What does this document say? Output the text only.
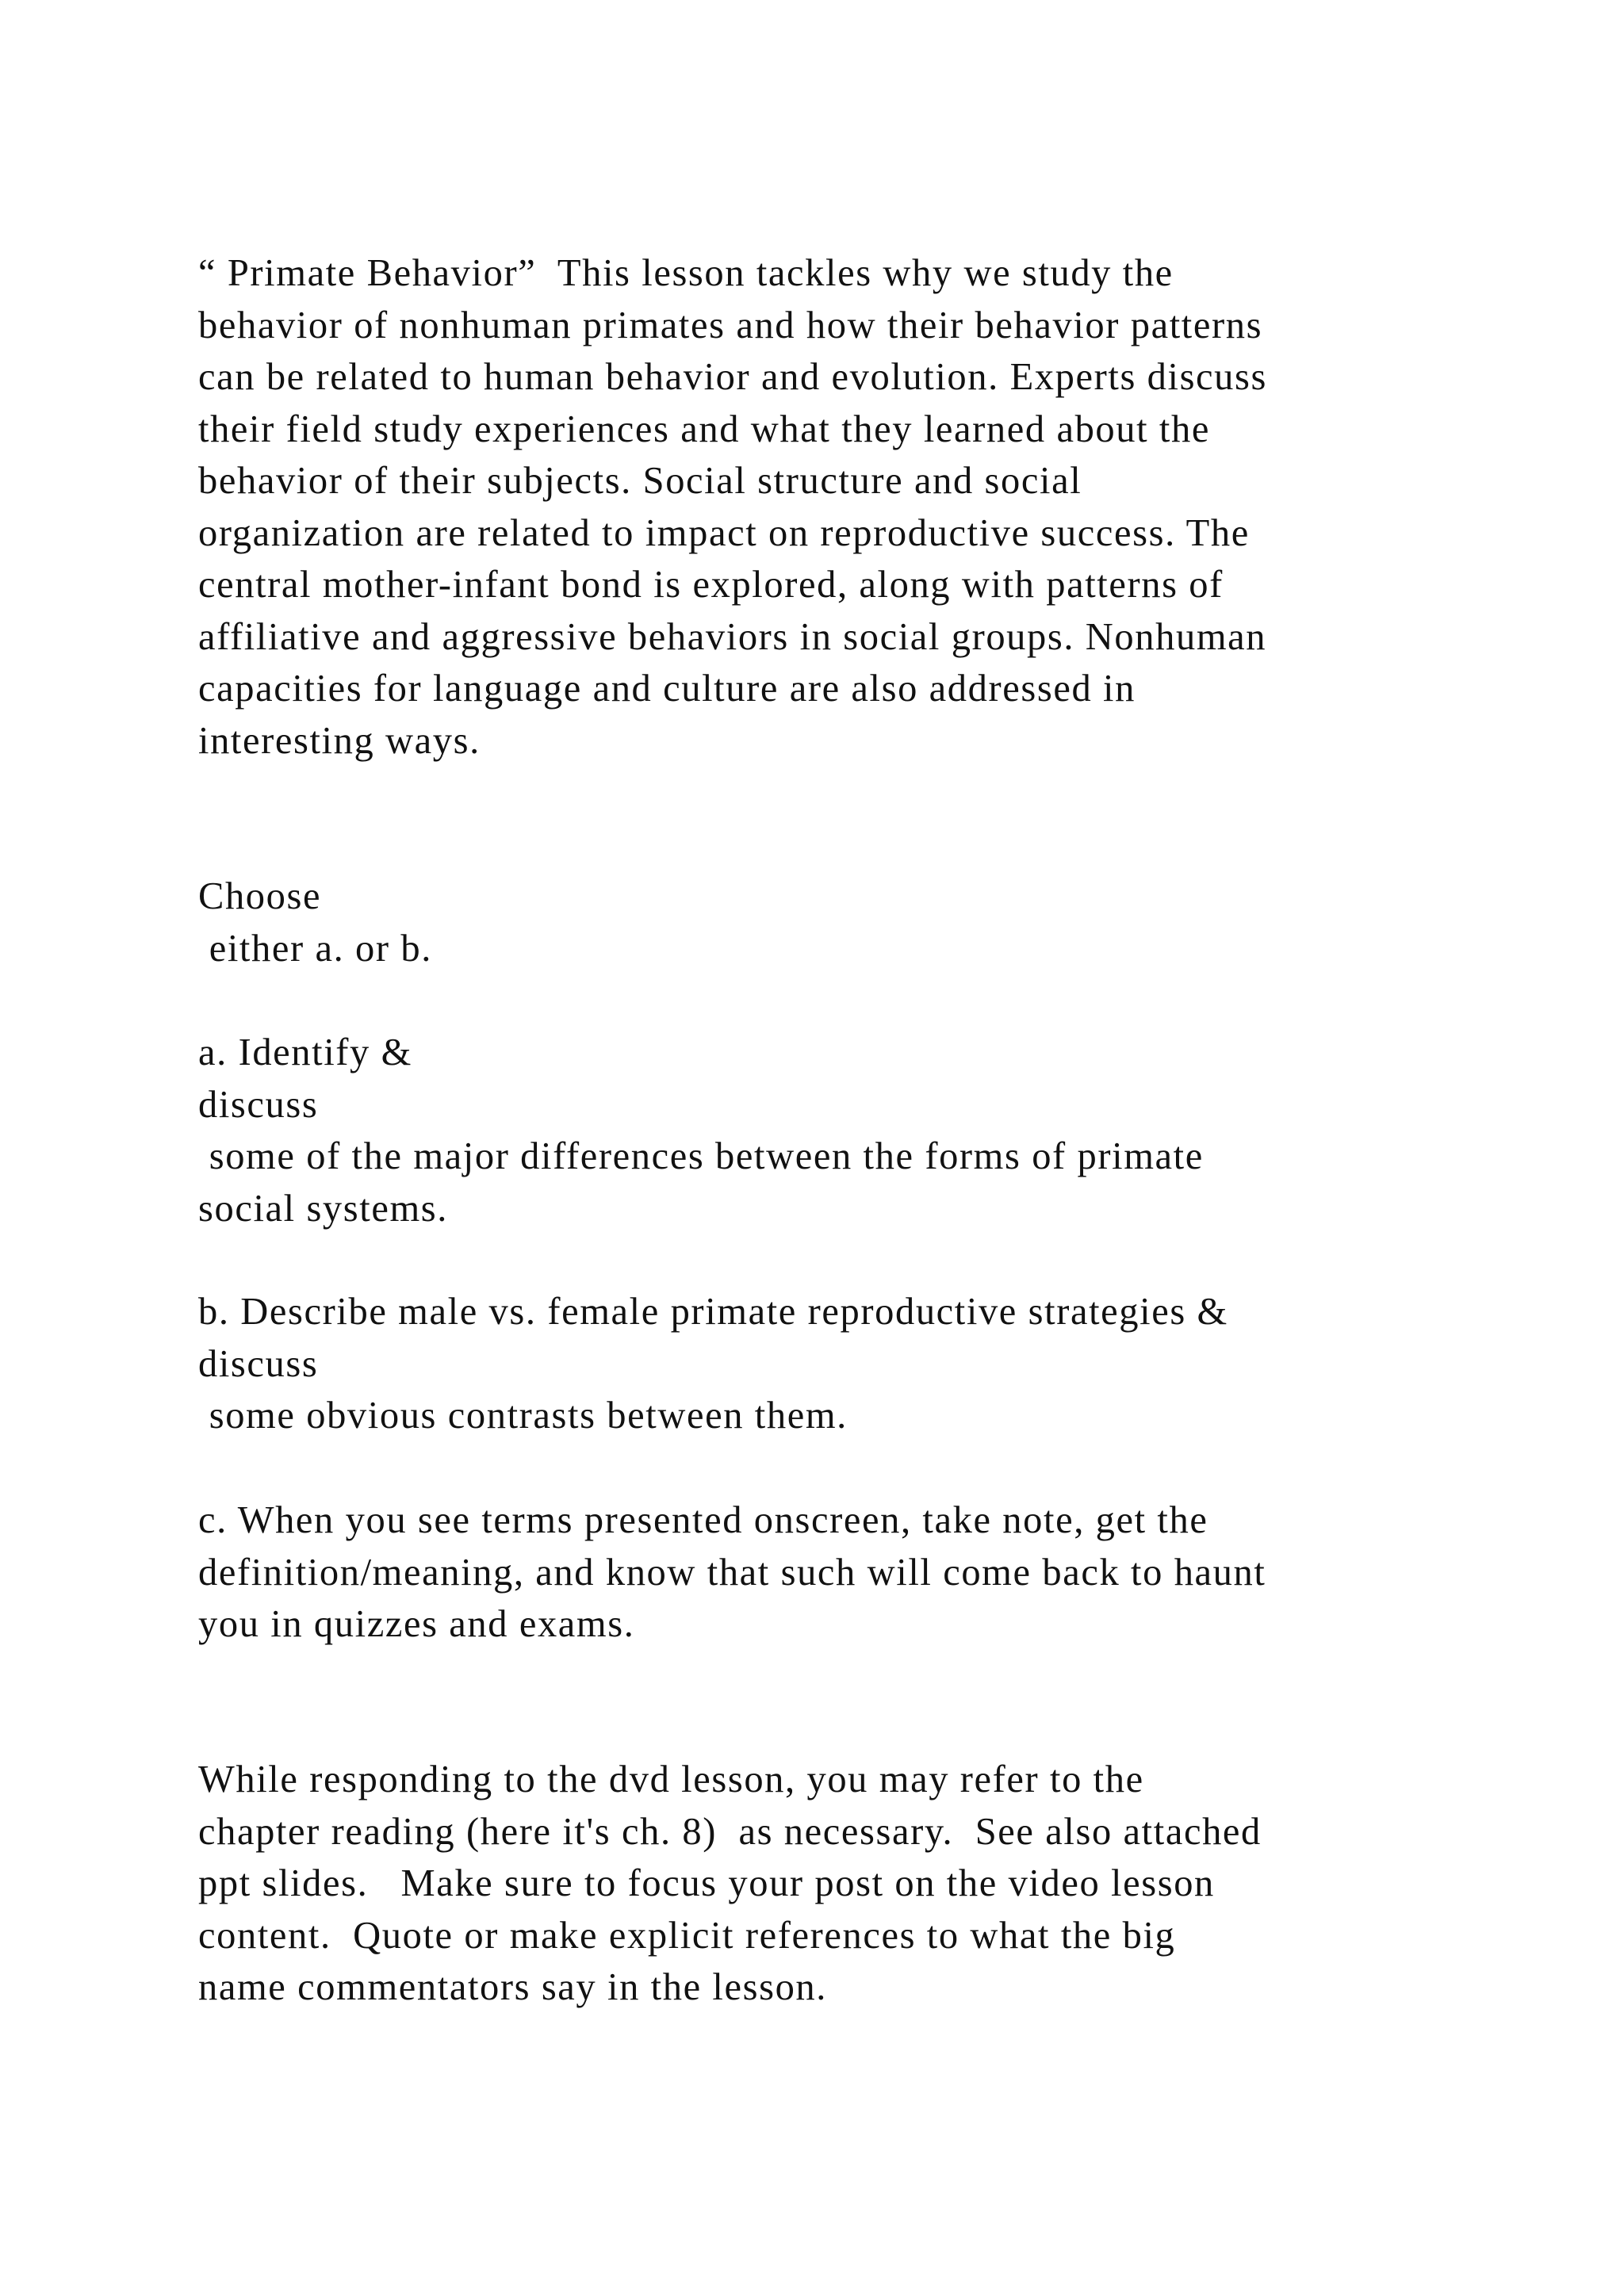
“ Primate Behavior”  This lesson tackles why we study the
behavior of nonhuman primates and how their behavior patterns
can be related to human behavior and evolution. Experts discuss
their field study experiences and what they learned about the
behavior of their subjects. Social structure and social
organization are related to impact on reproductive success. The
central mother-infant bond is explored, along with patterns of
affiliative and aggressive behaviors in social groups. Nonhuman
capacities for language and culture are also addressed in
interesting ways.
Choose
either a. or b.
a. Identify &
discuss
some of the major differences between the forms of primate
social systems.
b. Describe male vs. female primate reproductive strategies &
discuss
some obvious contrasts between them.
c. When you see terms presented onscreen, take note, get the
definition/meaning, and know that such will come back to haunt
you in quizzes and exams.
While responding to the dvd lesson, you may refer to the
chapter reading (here it's ch. 8)  as necessary.  See also attached
ppt slides.   Make sure to focus your post on the video lesson
content.  Quote or make explicit references to what the big
name commentators say in the lesson.
